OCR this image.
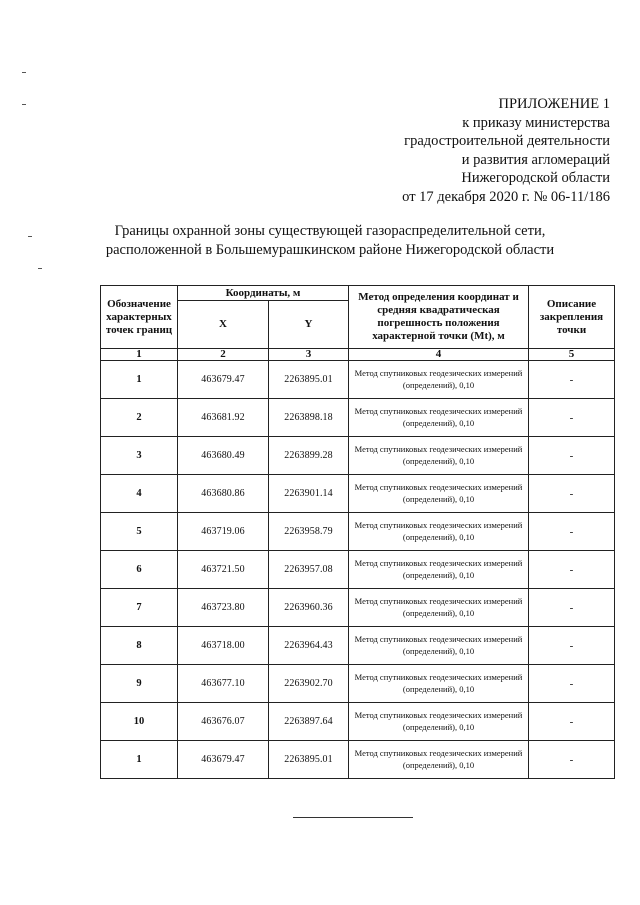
ПРИЛОЖЕНИЕ 1
к приказу министерства
градостроительной деятельности
и развития агломераций
Нижегородской области
от 17 декабря 2020 г. № 06-11/186
Границы охранной зоны существующей газораспределительной сети,
расположенной в Большемурашкинском районе Нижегородской области
Обозначение характерных точек границ	Координаты, м		Метод определения координат и средняя квадратическая погрешность положения характерной точки (Mt), м	Описание закрепления точки
	X	Y		
1	2	3	4	5
1	463679.47	2263895.01	Метод спутниковых геодезических измерений (определений), 0,10	-
2	463681.92	2263898.18	Метод спутниковых геодезических измерений (определений), 0,10	-
3	463680.49	2263899.28	Метод спутниковых геодезических измерений (определений), 0,10	-
4	463680.86	2263901.14	Метод спутниковых геодезических измерений (определений), 0,10	-
5	463719.06	2263958.79	Метод спутниковых геодезических измерений (определений), 0,10	-
6	463721.50	2263957.08	Метод спутниковых геодезических измерений (определений), 0,10	-
7	463723.80	2263960.36	Метод спутниковых геодезических измерений (определений), 0,10	-
8	463718.00	2263964.43	Метод спутниковых геодезических измерений (определений), 0,10	-
9	463677.10	2263902.70	Метод спутниковых геодезических измерений (определений), 0,10	-
10	463676.07	2263897.64	Метод спутниковых геодезических измерений (определений), 0,10	-
1	463679.47	2263895.01	Метод спутниковых геодезических измерений (определений), 0,10	-
